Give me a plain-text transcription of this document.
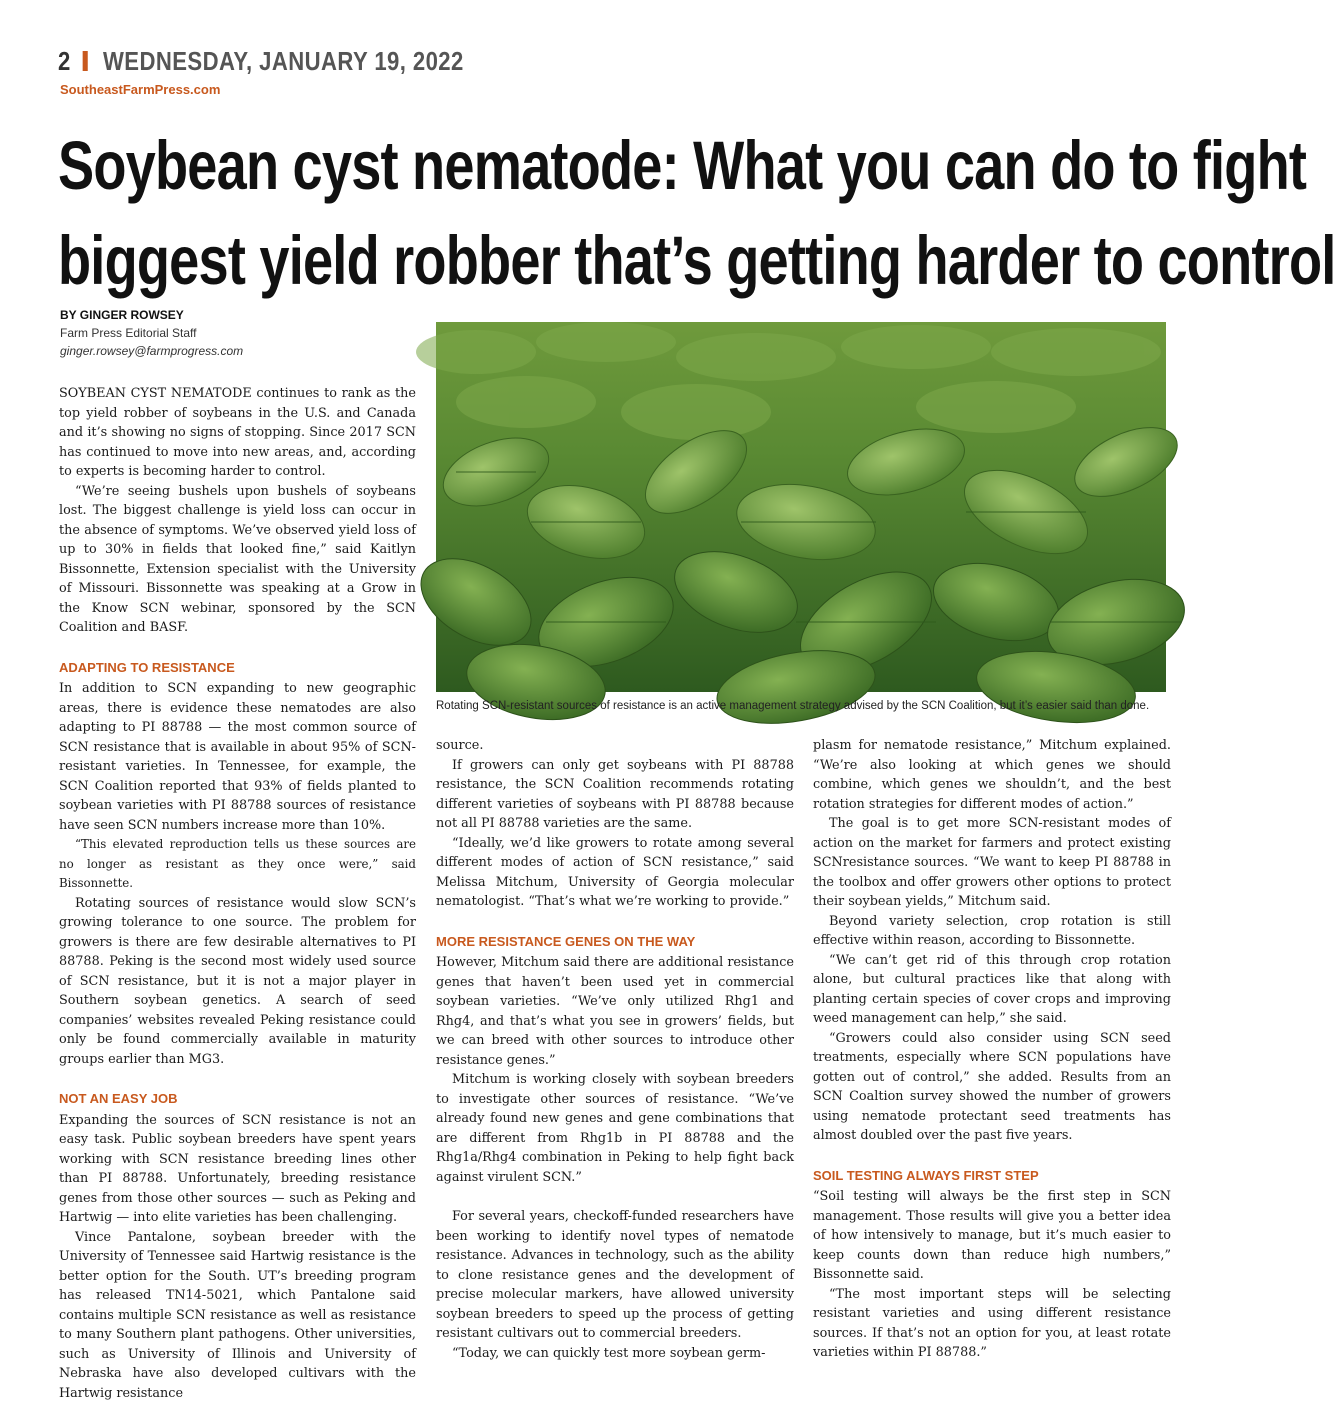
2 WEDNESDAY, JANUARY 19, 2022
SoutheastFarmPress.com
Soybean cyst nematode: What you can do to fight
biggest yield robber that’s getting harder to control
BY GINGER ROWSEY
Farm Press Editorial Staff
ginger.rowsey@farmprogress.com
Rotating SCN-resistant sources of resistance is an active management strategy advised by the SCN Coalition, but it’s easier said than done.

SOYBEAN CYST NEMATODE continues to rank as the top yield robber of soybeans in the U.S. and Canada and it’s showing no signs of stopping. Since 2017 SCN has continued to move into new areas, and, according to experts is becoming harder to control.

“We’re seeing bushels upon bushels of soybeans lost. The biggest challenge is yield loss can occur in the absence of symptoms. We’ve observed yield loss of up to 30% in fields that looked fine,” said Kaitlyn Bissonnette, Extension specialist with the University of Missouri. Bissonnette was speaking at a Grow in the Know SCN webinar, sponsored by the SCN Coalition and BASF.

ADAPTING TO RESISTANCE

In addition to SCN expanding to new geographic areas, there is evidence these nematodes are also adapting to PI 88788 — the most common source of SCN resistance that is available in about 95% of SCN-resistant varieties. In Tennessee, for example, the SCN Coalition reported that 93% of fields planted to soybean varieties with PI 88788 sources of resistance have seen SCN numbers increase more than 10%.

“This elevated reproduction tells us these sources are no longer as resistant as they once were,” said Bissonnette.

Rotating sources of resistance would slow SCN’s growing tolerance to one source. The problem for growers is there are few desirable alternatives to PI 88788. Peking is the second most widely used source of SCN resistance, but it is not a major player in Southern soybean genetics. A search of seed companies’ websites revealed Peking resistance could only be found commercially available in maturity groups earlier than MG3.

NOT AN EASY JOB

Expanding the sources of SCN resistance is not an easy task. Public soybean breeders have spent years working with SCN resistance breeding lines other than PI 88788. Unfortunately, breeding resistance genes from those other sources — such as Peking and Hartwig — into elite varieties has been challenging.

Vince Pantalone, soybean breeder with the University of Tennessee said Hartwig resistance is the better option for the South. UT’s breeding program has released TN14-5021, which Pantalone said contains multiple SCN resistance as well as resistance to many Southern plant pathogens. Other universities, such as University of Illinois and University of Nebraska have also developed cultivars with the Hartwig resistance

source.

If growers can only get soybeans with PI 88788 resistance, the SCN Coalition recommends rotating different varieties of soybeans with PI 88788 because not all PI 88788 varieties are the same.

“Ideally, we’d like growers to rotate among several different modes of action of SCN resistance,” said Melissa Mitchum, University of Georgia molecular nematologist. “That’s what we’re working to provide.”

MORE RESISTANCE GENES ON THE WAY

However, Mitchum said there are additional resistance genes that haven’t been used yet in commercial soybean varieties. “We’ve only utilized Rhg1 and Rhg4, and that’s what you see in growers’ fields, but we can breed with other sources to introduce other resistance genes.”

Mitchum is working closely with soybean breeders to investigate other sources of resistance. “We’ve already found new genes and gene combinations that are different from Rhg1b in PI 88788 and the Rhg1a/Rhg4 combination in Peking to help fight back against virulent SCN.”

For several years, checkoff-funded researchers have been working to identify novel types of nematode resistance. Advances in technology, such as the ability to clone resistance genes and the development of precise molecular markers, have allowed university soybean breeders to speed up the process of getting resistant cultivars out to commercial breeders.

“Today, we can quickly test more soybean germ-

plasm for nematode resistance,” Mitchum explained. “We’re also looking at which genes we should combine, which genes we shouldn’t, and the best rotation strategies for different modes of action.”

The goal is to get more SCN-resistant modes of action on the market for farmers and protect existing SCNresistance sources. “We want to keep PI 88788 in the toolbox and offer growers other options to protect their soybean yields,” Mitchum said.

Beyond variety selection, crop rotation is still effective within reason, according to Bissonnette.

“We can’t get rid of this through crop rotation alone, but cultural practices like that along with planting certain species of cover crops and improving weed management can help,” she said.

“Growers could also consider using SCN seed treatments, especially where SCN populations have gotten out of control,” she added. Results from an SCN Coaltion survey showed the number of growers using nematode protectant seed treatments has almost doubled over the past five years.

SOIL TESTING ALWAYS FIRST STEP

“Soil testing will always be the first step in SCN management. Those results will give you a better idea of how intensively to manage, but it’s much easier to keep counts down than reduce high numbers,” Bissonnette said.

“The most important steps will be selecting resistant varieties and using different resistance sources. If that’s not an option for you, at least rotate varieties within PI 88788.”
